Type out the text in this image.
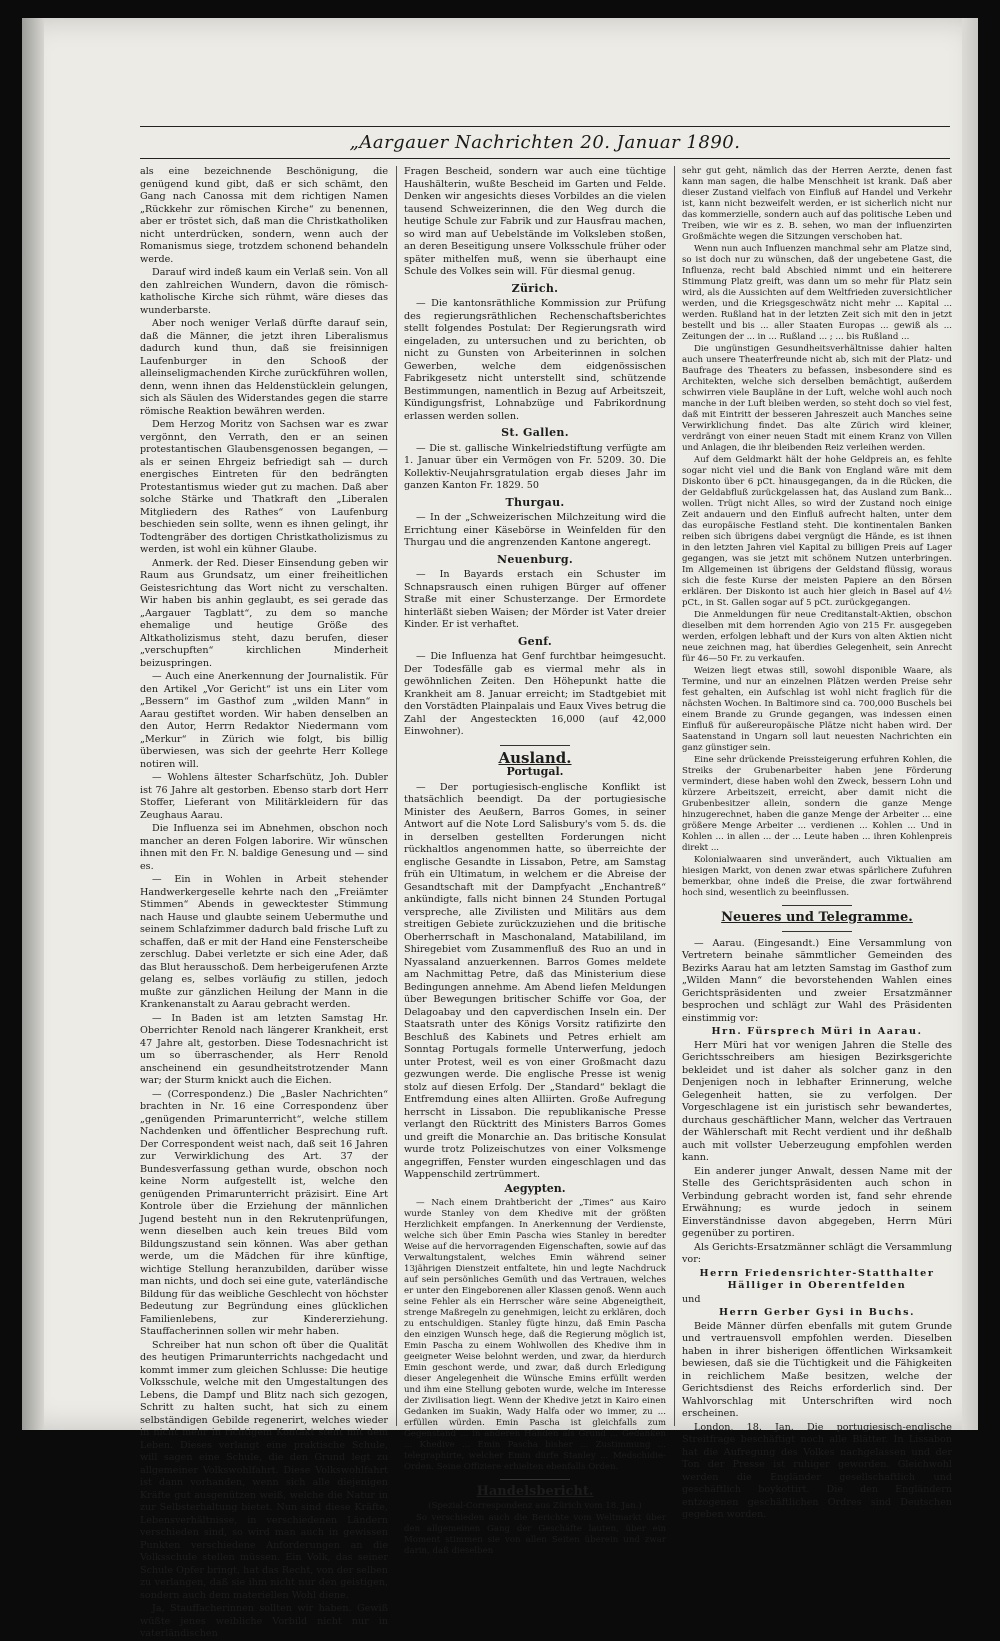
„Aargauer Nachrichten 20. Januar 1890.

als eine bezeichnende Beschönigung, die genügend kund gibt, daß er sich schämt, den Gang nach Canossa mit dem richtigen Namen „Rückkehr zur römischen Kirche“ zu benennen, aber er tröstet sich, daß man die Christkatholiken nicht unterdrücken, sondern, wenn auch der Romanismus siege, trotzdem schonend behandeln werde.

Darauf wird indeß kaum ein Verlaß sein. Von all den zahlreichen Wundern, davon die römisch-katholische Kirche sich rühmt, wäre dieses das wunderbarste.

Aber noch weniger Verlaß dürfte darauf sein, daß die Männer, die jetzt ihren Liberalismus dadurch kund thun, daß sie freisinnigen Laufenburger in den Schooß der alleinseligmachenden Kirche zurückführen wollen, denn, wenn ihnen das Heldenstücklein gelungen, sich als Säulen des Widerstandes gegen die starre römische Reaktion bewähren werden.

Dem Herzog Moritz von Sachsen war es zwar vergönnt, den Verrath, den er an seinen protestantischen Glaubensgenossen begangen, — als er seinen Ehrgeiz befriedigt sah — durch energisches Eintreten für den bedrängten Protestantismus wieder gut zu machen. Daß aber solche Stärke und Thatkraft den „Liberalen Mitgliedern des Rathes“ von Laufenburg beschieden sein sollte, wenn es ihnen gelingt, ihr Todtengräber des dortigen Christkatholizismus zu werden, ist wohl ein kühner Glaube.

Anmerk. der Red. Dieser Einsendung geben wir Raum aus Grundsatz, um einer freiheitlichen Geistesrichtung das Wort nicht zu verschalten. Wir haben bis anhin geglaubt, es sei gerade das „Aargauer Tagblatt“, zu dem so manche ehemalige und heutige Größe des Altkatholizismus steht, dazu berufen, dieser „verschupften“ kirchlichen Minderheit beizuspringen.

— Auch eine Anerkennung der Journalistik. Für den Artikel „Vor Gericht“ ist uns ein Liter vom „Bessern“ im Gasthof zum „wilden Mann“ in Aarau gestiftet worden. Wir haben denselben an den Autor, Herrn Redaktor Niedermann vom „Merkur“ in Zürich wie folgt, bis billig überwiesen, was sich der geehrte Herr Kollege notiren will.

— Wohlens ältester Scharfschütz, Joh. Dubler ist 76 Jahre alt gestorben. Ebenso starb dort Herr Stoffer, Lieferant von Militärkleidern für das Zeughaus Aarau.

Die Influenza sei im Abnehmen, obschon noch mancher an deren Folgen laborire. Wir wünschen ihnen mit den Fr. N. baldige Genesung und — sind es.

— Ein in Wohlen in Arbeit stehender Handwerkergeselle kehrte nach den „Freiämter Stimmen“ Abends in gewecktester Stimmung nach Hause und glaubte seinem Uebermuthe und seinem Schlafzimmer dadurch bald frische Luft zu schaffen, daß er mit der Hand eine Fensterscheibe zerschlug. Dabei verletzte er sich eine Ader, daß das Blut herausschoß. Dem herbeigerufenen Arzte gelang es, selbes vorläufig zu stillen, jedoch mußte zur gänzlichen Heilung der Mann in die Krankenanstalt zu Aarau gebracht werden.

— In Baden ist am letzten Samstag Hr. Oberrichter Renold nach längerer Krankheit, erst 47 Jahre alt, gestorben. Diese Todesnachricht ist um so überraschender, als Herr Renold anscheinend ein gesundheitstrotzender Mann war; der Sturm knickt auch die Eichen.

— (Correspondenz.) Die „Basler Nachrichten“ brachten in Nr. 16 eine Correspondenz über „genügenden Primarunterricht“, welche stillem Nachdenken und öffentlicher Besprechung ruft. Der Correspondent weist nach, daß seit 16 Jahren zur Verwirklichung des Art. 37 der Bundesverfassung gethan wurde, obschon noch keine Norm aufgestellt ist, welche den genügenden Primarunterricht präzisirt. Eine Art Kontrole über die Erziehung der männlichen Jugend besteht nun in den Rekrutenprüfungen, wenn dieselben auch kein treues Bild vom Bildungszustand sein können. Was aber gethan werde, um die Mädchen für ihre künftige, wichtige Stellung heranzubilden, darüber wisse man nichts, und doch sei eine gute, vaterländische Bildung für das weibliche Geschlecht von höchster Bedeutung zur Begründung eines glücklichen Familienlebens, zur Kindererziehung. Stauffacherinnen sollen wir mehr haben.

Schreiber hat nun schon oft über die Qualität des heutigen Primarunterrichts nachgedacht und kommt immer zum gleichen Schlusse: Die heutige Volksschule, welche mit den Umgestaltungen des Lebens, die Dampf und Blitz nach sich gezogen, Schritt zu halten sucht, hat sich zu einem selbständigen Gebilde regenerirt, welches wieder in nicht mehr in richtigem Kontakt steht mit dem Leben. Dieses verlangt eine praktische Schule, will sagen eine Schule, die den Grund legt zu allgemeiner Volkswohlfahrt. Diese Volkswohlfahrt ist dann vorhanden, wenn sich alle diejenigen Kräfte gut ausgenützen weiß, welche die Natur in zur Selbsterhaltung bietet. Nun sind diese Kräfte, Lebensverhältnisse, in verschiedenen Ländern verschieden sind, so wird man auch in gewissen Punkten verschiedene Anforderungen an die Volksschule stellen müssen. Ein Volk, das seiner Schule Opfer bringt, hat das Recht, von der selben zu verlangen, daß sie ihm nicht nur den geistigen, sondern auch dem materiellen Wohl diene.

Ja, Stauffacherinnen sollten wir haben. Gewiß wüßte jenes weibliche Vorbild nicht nur in vaterländischen

Fragen Bescheid, sondern war auch eine tüchtige Haushälterin, wußte Bescheid im Garten und Felde. Denken wir angesichts dieses Vorbildes an die vielen tausend Schweizerinnen, die den Weg durch die heutige Schule zur Fabrik und zur Hausfrau machen, so wird man auf Uebelstände im Volksleben stoßen, an deren Beseitigung unsere Volksschule früher oder später mithelfen muß, wenn sie überhaupt eine Schule des Volkes sein will. Für diesmal genug.

Zürich.

— Die kantonsräthliche Kommission zur Prüfung des regierungsräthlichen Rechenschaftsberichtes stellt folgendes Postulat: Der Regierungsrath wird eingeladen, zu untersuchen und zu berichten, ob nicht zu Gunsten von Arbeiterinnen in solchen Gewerben, welche dem eidgenössischen Fabrikgesetz nicht unterstellt sind, schützende Bestimmungen, namentlich in Bezug auf Arbeitszeit, Kündigungsfrist, Lohnabzüge und Fabrikordnung erlassen werden sollen.

St. Gallen.

— Die st. gallische Winkelriedstiftung verfügte am 1. Januar über ein Vermögen von Fr. 5209. 30. Die Kollektiv-Neujahrsgratulation ergab dieses Jahr im ganzen Kanton Fr. 1829. 50

Thurgau.

— In der „Schweizerischen Milchzeitung wird die Errichtung einer Käsebörse in Weinfelden für den Thurgau und die angrenzenden Kantone angeregt.

Neuenburg.

— In Bayards erstach ein Schuster im Schnapsrausch einen ruhigen Bürger auf offener Straße mit einer Schusterzange. Der Ermordete hinterläßt sieben Waisen; der Mörder ist Vater dreier Kinder. Er ist verhaftet.

Genf.

— Die Influenza hat Genf furchtbar heimgesucht. Der Todesfälle gab es viermal mehr als in gewöhnlichen Zeiten. Den Höhepunkt hatte die Krankheit am 8. Januar erreicht; im Stadtgebiet mit den Vorstädten Plainpalais und Eaux Vives betrug die Zahl der Angesteckten 16,000 (auf 42,000 Einwohner).

Ausland.
Portugal.

— Der portugiesisch-englische Konflikt ist thatsächlich beendigt. Da der portugiesische Minister des Aeußern, Barros Gomes, in seiner Antwort auf die Note Lord Salisbury's vom 5. ds. die in derselben gestellten Forderungen nicht rückhaltlos angenommen hatte, so überreichte der englische Gesandte in Lissabon, Petre, am Samstag früh ein Ultimatum, in welchem er die Abreise der Gesandtschaft mit der Dampfyacht „Enchantreß“ ankündigte, falls nicht binnen 24 Stunden Portugal verspreche, alle Zivilisten und Militärs aus dem streitigen Gebiete zurückzuziehen und die britische Oberherrschaft in Maschonaland, Matabililand, im Shiregebiet vom Zusammenfluß des Ruo an und in Nyassaland anzuerkennen. Barros Gomes meldete am Nachmittag Petre, daß das Ministerium diese Bedingungen annehme. Am Abend liefen Meldungen über Bewegungen britischer Schiffe vor Goa, der Delagoabay und den capverdischen Inseln ein. Der Staatsrath unter des Königs Vorsitz ratifizirte den Beschluß des Kabinets und Petres erhielt am Sonntag Portugals formelle Unterwerfung, jedoch unter Protest, weil es von einer Großmacht dazu gezwungen werde. Die englische Presse ist wenig stolz auf diesen Erfolg. Der „Standard“ beklagt die Entfremdung eines alten Alliirten. Große Aufregung herrscht in Lissabon. Die republikanische Presse verlangt den Rücktritt des Ministers Barros Gomes und greift die Monarchie an. Das britische Konsulat wurde trotz Polizeischutzes von einer Volksmenge angegriffen, Fenster wurden eingeschlagen und das Wappenschild zertrümmert.

Aegypten.

— Nach einem Drahtbericht der „Times“ aus Kairo wurde Stanley von dem Khedive mit der größten Herzlichkeit empfangen. In Anerkennung der Verdienste, welche sich über Emin Pascha wies Stanley in beredter Weise auf die hervorragenden Eigenschaften, sowie auf das Verwaltungstalent, welches Emin während seiner 13jährigen Dienstzeit entfaltete, hin und legte Nachdruck auf sein persönliches Gemüth und das Vertrauen, welches er unter den Eingeborenen aller Klassen genoß. Wenn auch seine Fehler als ein Herrscher wäre seine Abgeneigtheit, strenge Maßregeln zu genehmigen, leicht zu erklären, doch zu entschuldigen. Stanley fügte hinzu, daß Emin Pascha den einzigen Wunsch hege, daß die Regierung möglich ist, Emin Pascha zu einem Wohlwollen des Khedive ihm in geeigneter Weise belohnt werden, und zwar, da hierdurch Emin geschont werde, und zwar, daß durch Erledigung dieser Angelegenheit die Wünsche Emins erfüllt werden und ihm eine Stellung geboten wurde, welche im Interesse der Zivilisation liegt. Wenn der Khedive jetzt in Kairo einen Gedanken im Suakin, Wady Halfa oder wo immer, zu ... erfüllen würden. Emin Pascha ist gleichfalls zum Gegenstand ... in anderen Händen als Grund ... Gedanken ... Khedive ... Emin Pascha bisher ... Zustimmung ... telegraphirte, welcher Emin dürfe Stanley ... Medschidie-Orden. Seine Offiziere erhielten ebenfalls Orden.

Handelsbericht.

(Spezial-Correspondenz aus Zürich vom 18. Jan.)

So verschieden auch die Berichte vom Weltmarkt über den allgemeinen Gang der Geschäfte lauten, über ein Moment stimmen sie von allen Seiten überein und zwar darin, daß dieselben

sehr gut geht, nämlich das der Herren Aerzte, denen fast kann man sagen, die halbe Menschheit ist krank. Daß aber dieser Zustand vielfach von Einfluß auf Handel und Verkehr ist, kann nicht bezweifelt werden, er ist sicherlich nicht nur das kommerzielle, sondern auch auf das politische Leben und Treiben, wie wir es z. B. sehen, wo man der influenzirten Großmächte wegen die Sitzungen verschoben hat.

Wenn nun auch Influenzen manchmal sehr am Platze sind, so ist doch nur zu wünschen, daß der ungebetene Gast, die Influenza, recht bald Abschied nimmt und ein heiterere Stimmung Platz greift, was dann um so mehr für Platz sein wird, als die Aussichten auf dem Weltfrieden zuversichtlicher werden, und die Kriegsgeschwätz nicht mehr ... Kapital ... werden. Rußland hat in der letzten Zeit sich mit den in jetzt bestellt und bis ... aller Staaten Europas ... gewiß als ... Zeitungen der ... in ... Rußland ... ; ... bis Rußland ...

Die ungünstigen Gesundheitsverhältnisse dahier halten auch unsere Theaterfreunde nicht ab, sich mit der Platz- und Baufrage des Theaters zu befassen, insbesondere sind es Architekten, welche sich derselben bemächtigt, außerdem schwirren viele Baupläne in der Luft, welche wohl auch noch manche in der Luft bleiben werden, so steht doch so viel fest, daß mit Eintritt der besseren Jahreszeit auch Manches seine Verwirklichung findet. Das alte Zürich wird kleiner, verdrängt von einer neuen Stadt mit einem Kranz von Villen und Anlagen, die ihr bleibenden Reiz verleihen werden.

Auf dem Geldmarkt hält der hohe Geldpreis an, es fehlte sogar nicht viel und die Bank von England wäre mit dem Diskonto über 6 pCt. hinausgegangen, da in die Rücken, die der Geldabfluß zurückgelassen hat, das Ausland zum Bank... wollen. Trügt nicht Alles, so wird der Zustand noch einige Zeit andauern und den Einfluß aufrecht halten, unter dem das europäische Festland steht. Die kontinentalen Banken reiben sich übrigens dabei vergnügt die Hände, es ist ihnen in den letzten Jahren viel Kapital zu billigen Preis auf Lager gegangen, was sie jetzt mit schönem Nutzen unterbringen. Im Allgemeinen ist übrigens der Geldstand flüssig, woraus sich die feste Kurse der meisten Papiere an den Börsen erklären. Der Diskonto ist auch hier gleich in Basel auf 4½ pCt., in St. Gallen sogar auf 5 pCt. zurückgegangen.

Die Anmeldungen für neue Creditanstalt-Aktien, obschon dieselben mit dem horrenden Agio von 215 Fr. ausgegeben werden, erfolgen lebhaft und der Kurs von alten Aktien nicht neue zeichnen mag, hat überdies Gelegenheit, sein Anrecht für 46—50 Fr. zu verkaufen.

Weizen liegt etwas still, sowohl disponible Waare, als Termine, und nur an einzelnen Plätzen werden Preise sehr fest gehalten, ein Aufschlag ist wohl nicht fraglich für die nächsten Wochen. In Baltimore sind ca. 700,000 Buschels bei einem Brande zu Grunde gegangen, was indessen einen Einfluß für außereuropäische Plätze nicht haben wird. Der Saatenstand in Ungarn soll laut neuesten Nachrichten ein ganz günstiger sein.

Eine sehr drückende Preissteigerung erfuhren Kohlen, die Streiks der Grubenarbeiter haben jene Förderung vermindert, diese haben wohl den Zweck, bessern Lohn und kürzere Arbeitszeit, erreicht, aber damit nicht die Grubenbesitzer allein, sondern die ganze Menge hinzugerechnet, haben die ganze Menge der Arbeiter ... eine größere Menge Arbeiter ... verdienen ... Kohlen ... Und in Kohlen ... in allen ... der ... Leute haben ... ihren Kohlenpreis direkt ...

Kolonialwaaren sind unverändert, auch Viktualien am hiesigen Markt, von denen zwar etwas spärlichere Zufuhren bemerkbar, ohne indeß die Preise, die zwar fortwährend hoch sind, wesentlich zu beeinflussen.

Neueres und Telegramme.

— Aarau. (Eingesandt.) Eine Versammlung von Vertretern beinahe sämmtlicher Gemeinden des Bezirks Aarau hat am letzten Samstag im Gasthof zum „Wilden Mann“ die bevorstehenden Wahlen eines Gerichtspräsidenten und zweier Ersatzmänner besprochen und schlägt zur Wahl des Präsidenten einstimmig vor:

Hrn. Fürsprech Müri in Aarau.

Herr Müri hat vor wenigen Jahren die Stelle des Gerichtsschreibers am hiesigen Bezirksgerichte bekleidet und ist daher als solcher ganz in den Denjenigen noch in lebhafter Erinnerung, welche Gelegenheit hatten, sie zu verfolgen. Der Vorgeschlagene ist ein juristisch sehr bewandertes, durchaus geschäftlicher Mann, welcher das Vertrauen der Wählerschaft mit Recht verdient und ihr deßhalb auch mit vollster Ueberzeugung empfohlen werden kann.

Ein anderer junger Anwalt, dessen Name mit der Stelle des Gerichtspräsidenten auch schon in Verbindung gebracht worden ist, fand sehr ehrende Erwähnung; es wurde jedoch in seinem Einverständnisse davon abgegeben, Herrn Müri gegenüber zu portiren.

Als Gerichts-Ersatzmänner schlägt die Versammlung vor:

Herrn Friedensrichter-Statthalter Hälliger in Oberentfelden

und

Herrn Gerber Gysi in Buchs.

Beide Männer dürfen ebenfalls mit gutem Grunde und vertrauensvoll empfohlen werden. Dieselben haben in ihrer bisherigen öffentlichen Wirksamkeit bewiesen, daß sie die Tüchtigkeit und die Fähigkeiten in reichlichem Maße besitzen, welche der Gerichtsdienst des Reichs erforderlich sind. Der Wahlvorschlag mit Unterschriften wird noch erscheinen.

London, 18. Jan. Die portugiesisch-englische Streitfrage beschäftigt noch alle Blätter. In Lissabon hat die Aufregung des Volkes nachgelassen und der Ton der Presse ist ruhiger geworden. Gleichwohl werden die Engländer gesellschaftlich und geschäftlich boykottirt. Die den Engländern entzogenen geschäftlichen Ordres sind Deutschen gegeben worden.
